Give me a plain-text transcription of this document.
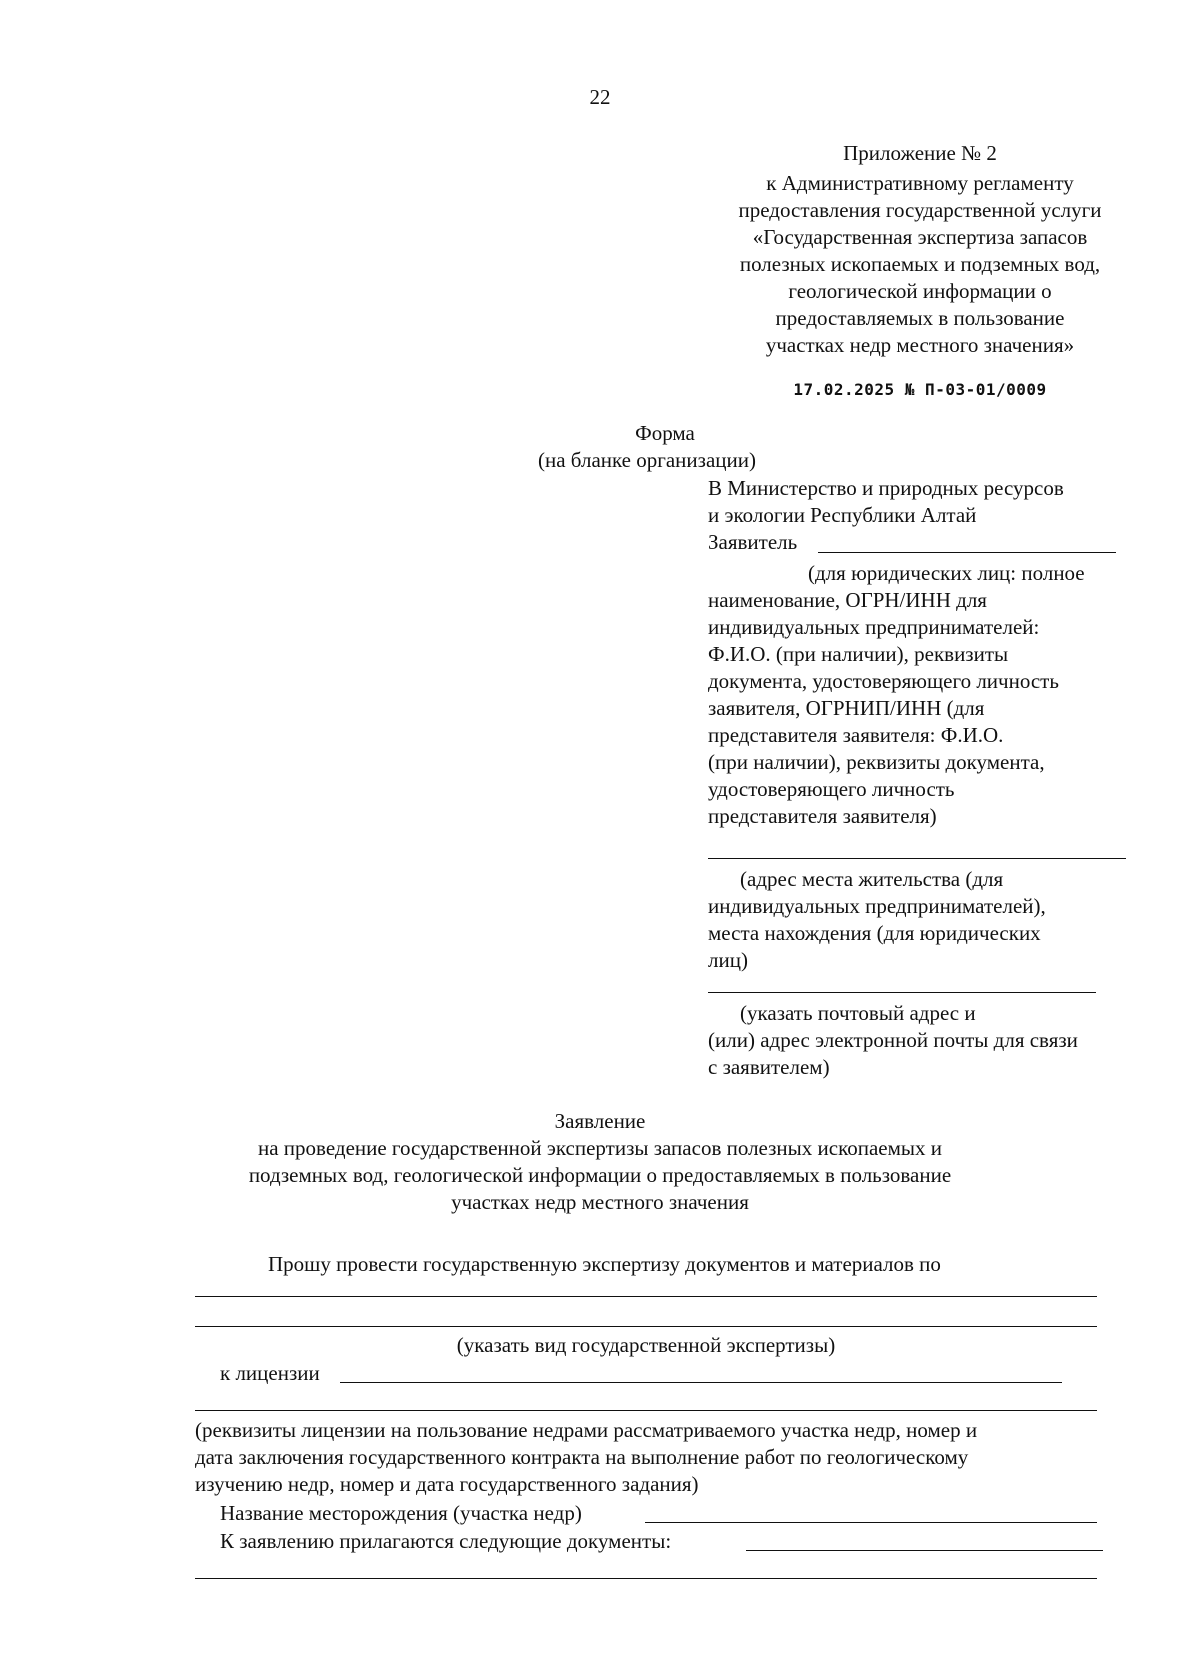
22
Приложение № 2
к Административному регламенту
предоставления государственной услуги
«Государственная экспертиза запасов
полезных ископаемых и подземных вод,
геологической информации о
предоставляемых в пользование
участках недр местного значения»
17.02.2025 № П-03-01/0009
Форма
(на бланке организации)
В Министерство и природных ресурсов
и экологии Республики Алтай
Заявитель
(для юридических лиц: полное
наименование, ОГРН/ИНН для
индивидуальных предпринимателей:
Ф.И.О. (при наличии), реквизиты
документа, удостоверяющего личность
заявителя, ОГРНИП/ИНН (для
представителя заявителя: Ф.И.О.
(при наличии), реквизиты документа,
удостоверяющего личность
представителя заявителя)
(адрес места жительства (для
индивидуальных предпринимателей),
места нахождения (для юридических
лиц)
(указать почтовый адрес и
(или) адрес электронной почты для связи
с заявителем)
Заявление
на проведение государственной экспертизы запасов полезных ископаемых и
подземных вод, геологической информации о предоставляемых в пользование
участках недр местного значения
Прошу провести государственную экспертизу документов и материалов по
(указать вид государственной экспертизы)
к лицензии
(реквизиты лицензии на пользование недрами рассматриваемого участка недр, номер и
дата заключения государственного контракта на выполнение работ по геологическому
изучению недр, номер и дата государственного задания)
Название месторождения (участка недр)
К заявлению прилагаются следующие документы:
